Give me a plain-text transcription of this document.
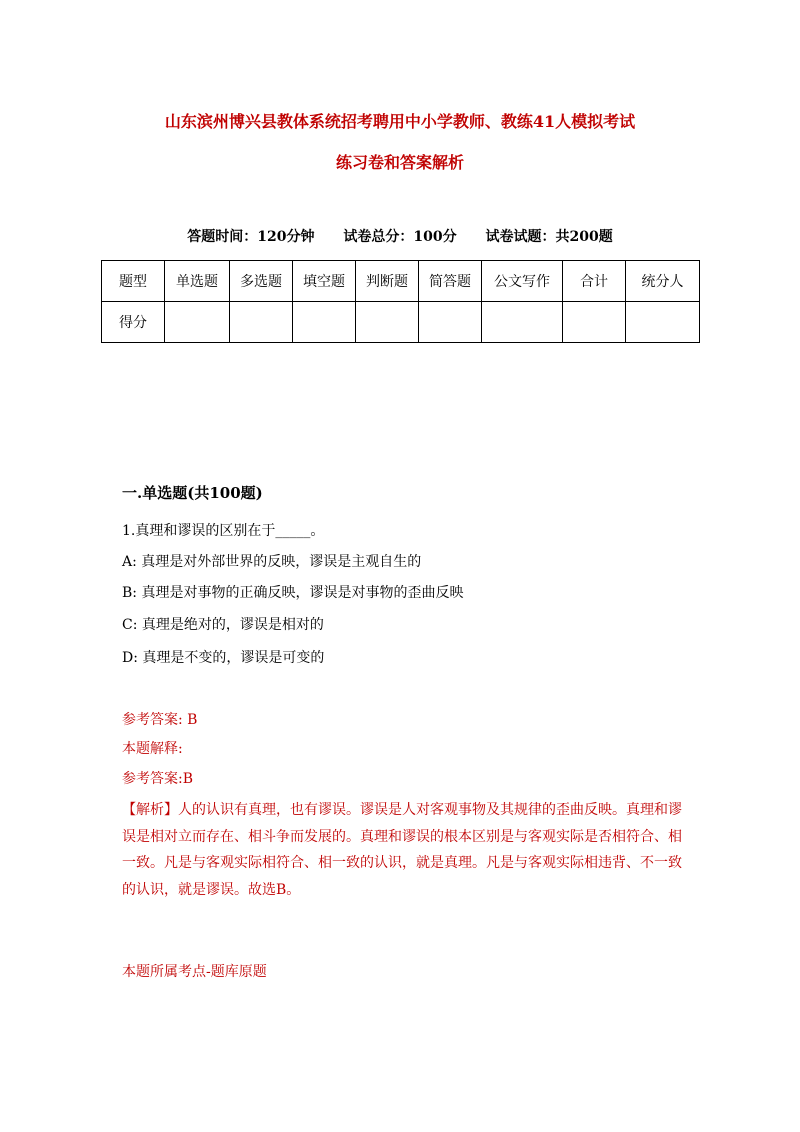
山东滨州博兴县教体系统招考聘用中小学教师、教练41人模拟考试
练习卷和答案解析
答题时间：120分钟 试卷总分：100分 试卷试题：共200题
题型	单选题	多选题	填空题	判断题	简答题	公文写作	合计	统分人
得分								
一.单选题(共100题)
1.真理和谬误的区别在于_____。
A: 真理是对外部世界的反映，谬误是主观自生的
B: 真理是对事物的正确反映，谬误是对事物的歪曲反映
C: 真理是绝对的，谬误是相对的
D: 真理是不变的，谬误是可变的
参考答案: B
本题解释:
参考答案:B
【解析】人的认识有真理，也有谬误。谬误是人对客观事物及其规律的歪曲反映。真理和谬误是相对立而存在、相斗争而发展的。真理和谬误的根本区别是与客观实际是否相符合、相一致。凡是与客观实际相符合、相一致的认识，就是真理。凡是与客观实际相违背、不一致的认识，就是谬误。故选B。
本题所属考点-题库原题
